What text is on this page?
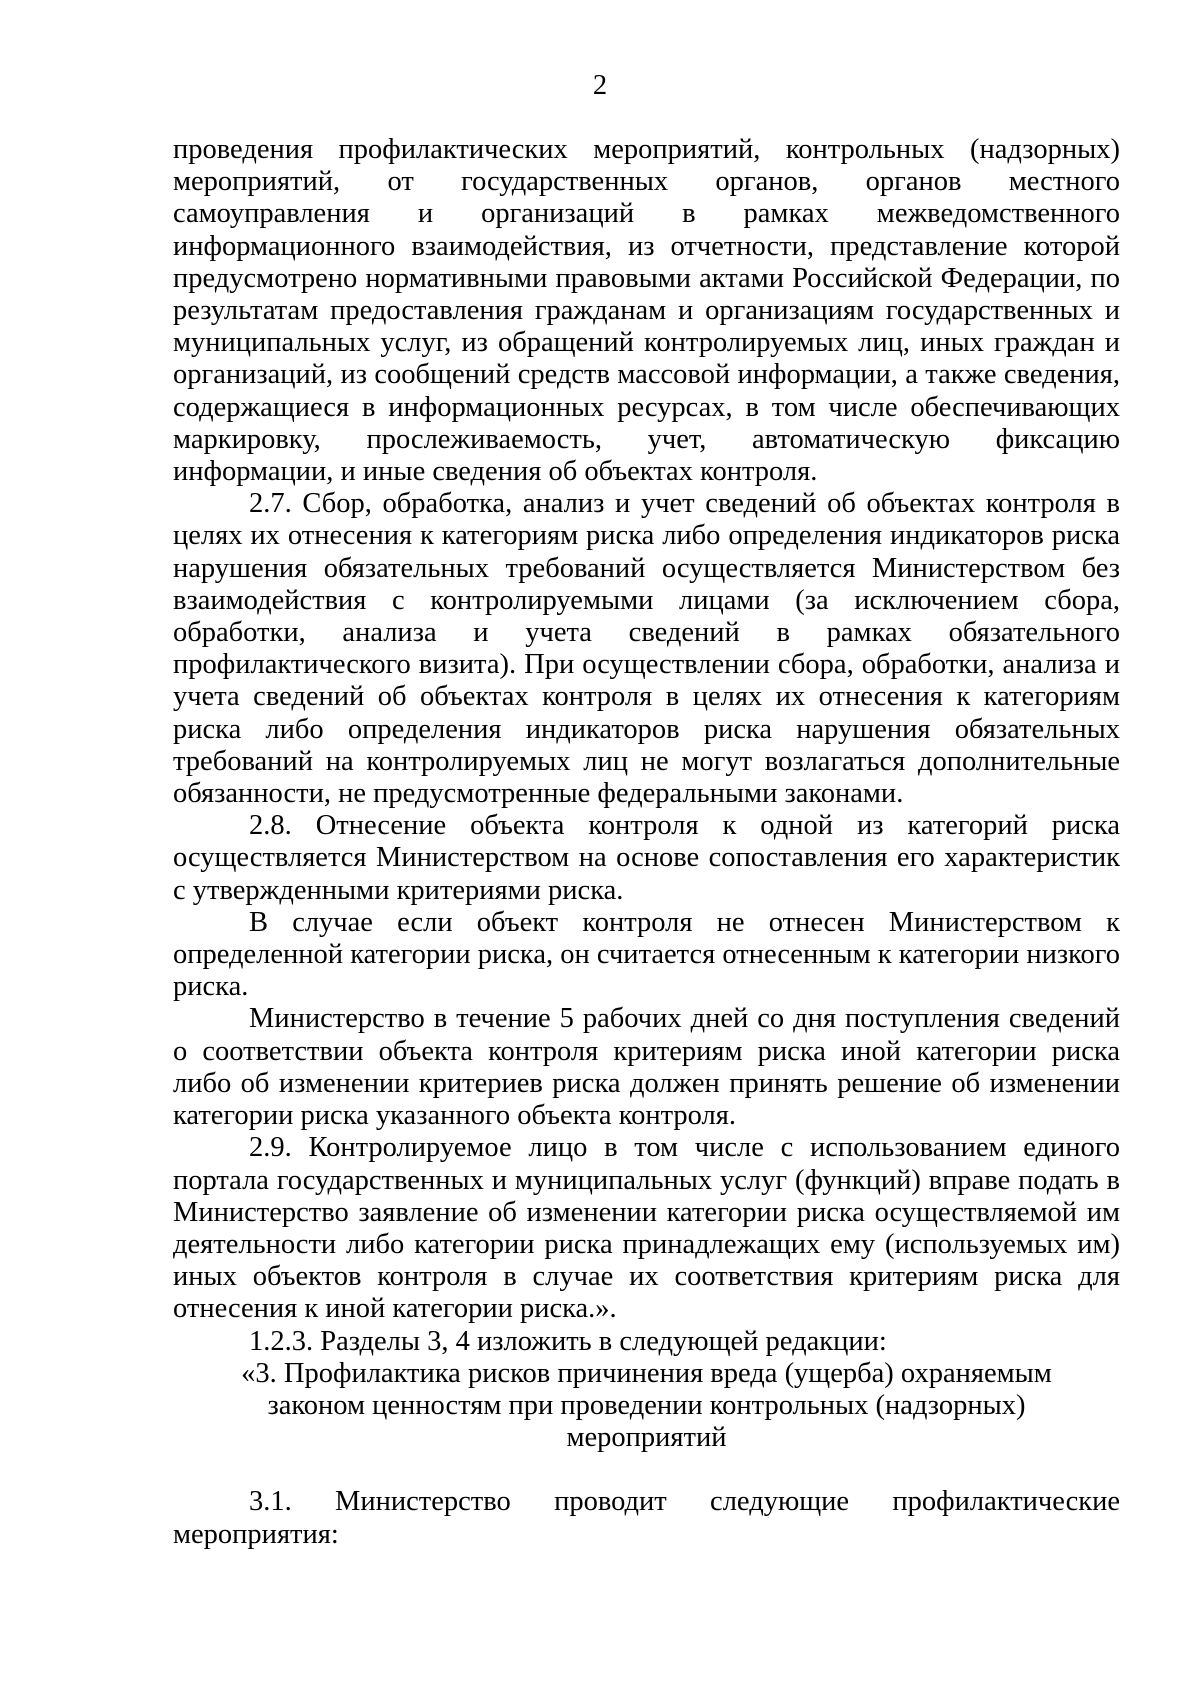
2

проведения профилактических мероприятий, контрольных (надзорных) мероприятий, от государственных органов, органов местного самоуправления и организаций в рамках межведомственного информационного взаимодействия, из отчетности, представление которой предусмотрено нормативными правовыми актами Российской Федерации, по результатам предоставления гражданам и организациям государственных и муниципальных услуг, из обращений контролируемых лиц, иных граждан и организаций, из сообщений средств массовой информации, а также сведения, содержащиеся в информационных ресурсах, в том числе обеспечивающих маркировку, прослеживаемость, учет, автоматическую фиксацию информации, и иные сведения об объектах контроля.

2.7. Сбор, обработка, анализ и учет сведений об объектах контроля в целях их отнесения к категориям риска либо определения индикаторов риска нарушения обязательных требований осуществляется Министерством без взаимодействия с контролируемыми лицами (за исключением сбора, обработки, анализа и учета сведений в рамках обязательного профилактического визита). При осуществлении сбора, обработки, анализа и учета сведений об объектах контроля в целях их отнесения к категориям риска либо определения индикаторов риска нарушения обязательных требований на контролируемых лиц не могут возлагаться дополнительные обязанности, не предусмотренные федеральными законами.

2.8. Отнесение объекта контроля к одной из категорий риска осуществляется Министерством на основе сопоставления его характеристик с утвержденными критериями риска.

В случае если объект контроля не отнесен Министерством к определенной категории риска, он считается отнесенным к категории низкого риска.

Министерство в течение 5 рабочих дней со дня поступления сведений о соответствии объекта контроля критериям риска иной категории риска либо об изменении критериев риска должен принять решение об изменении категории риска указанного объекта контроля.

2.9. Контролируемое лицо в том числе с использованием единого портала государственных и муниципальных услуг (функций) вправе подать в Министерство заявление об изменении категории риска осуществляемой им деятельности либо категории риска принадлежащих ему (используемых им) иных объектов контроля в случае их соответствия критериям риска для отнесения к иной категории риска.».

1.2.3. Разделы 3, 4 изложить в следующей редакции:

«3. Профилактика рисков причинения вреда (ущерба) охраняемым
законом ценностям при проведении контрольных (надзорных)
мероприятий

3.1. Министерство проводит следующие профилактические мероприятия:
